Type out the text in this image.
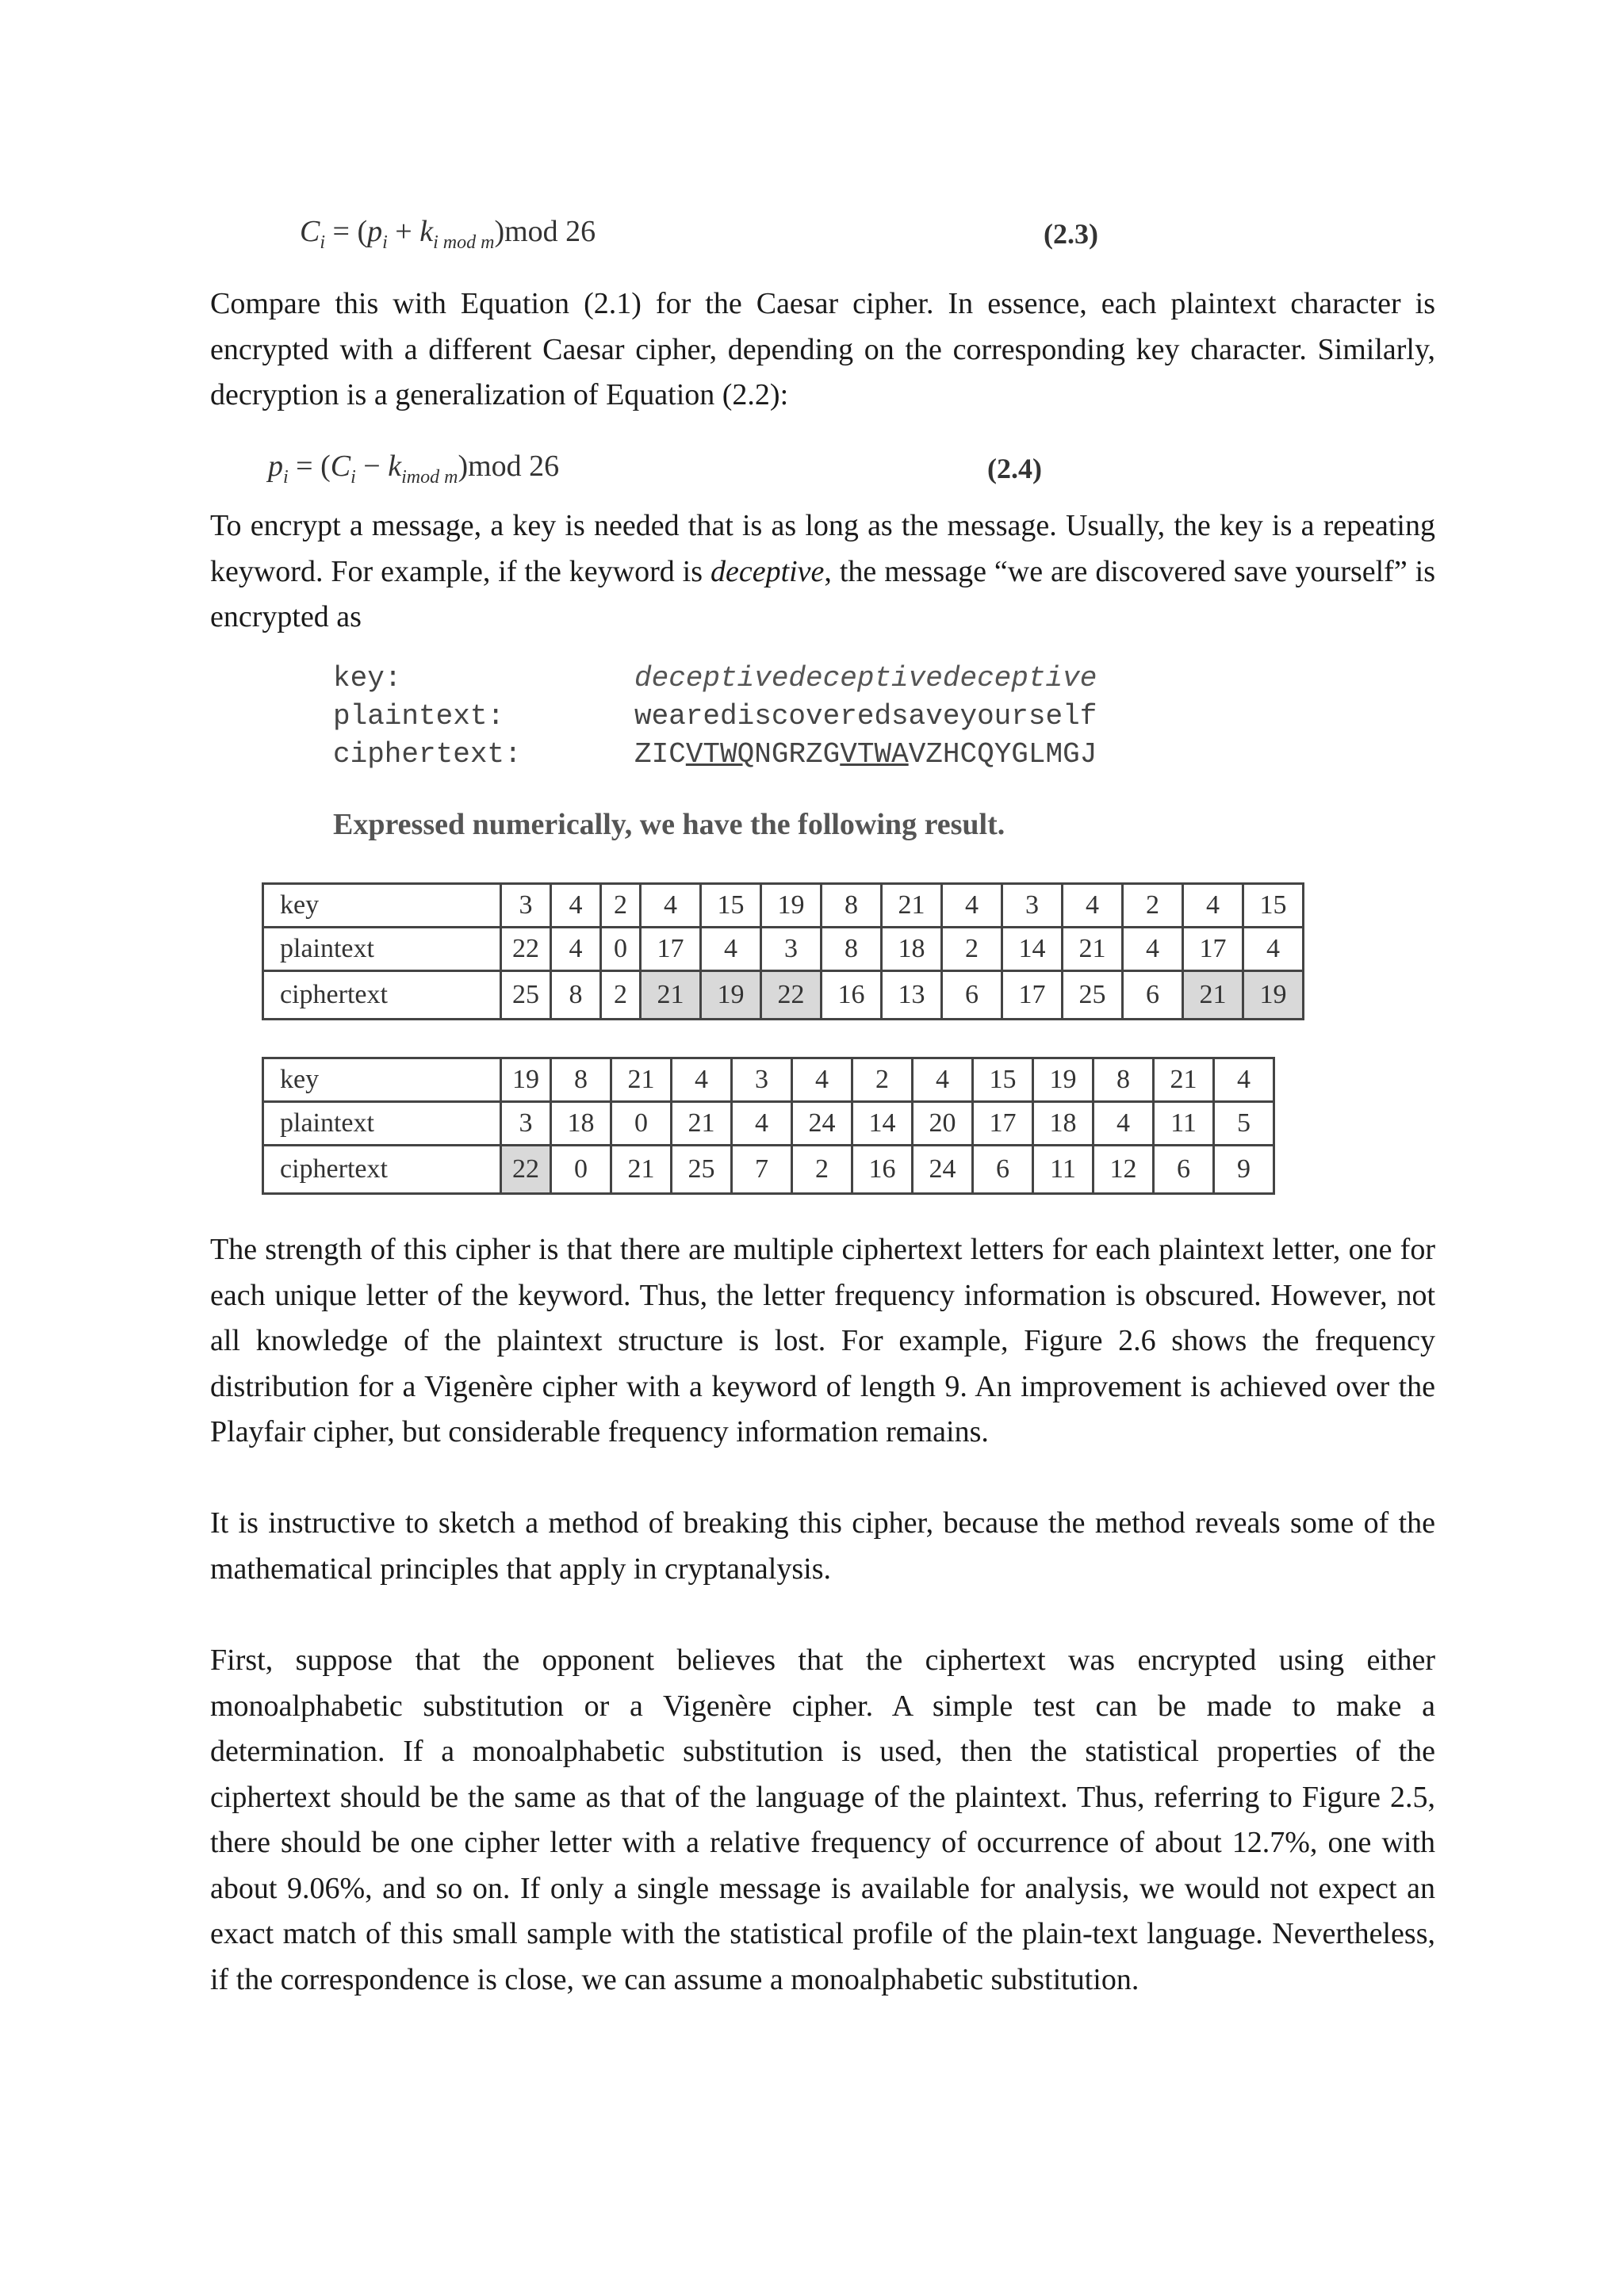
$C_i = (p_i + k_{i mod m})mod$ 26	(2.3)

Compare this with Equation (2.1) for the Caesar cipher. In essence, each plaintext character is encrypted with a different Caesar cipher, depending on the corresponding key character. Similarly, decryption is a generalization of Equation (2.2):

$p_i = (C_i - k_{imod m})mod$ 26	(2.4)

To encrypt a message, a key is needed that is as long as the message. Usually, the key is a repeating keyword. For example, if the keyword is deceptive, the message “we are discovered save yourself” is encrypted as

key:	deceptivedeceptivedeceptive
plaintext:	wearediscoveredsaveyourself
ciphertext:	ZICVTWQNGRZGVTWAVZHCQYGLMGJ
Expressed numerically, we have the following result.
key	3	4	2	4	15	19	8	21	4	3	4	2	4	15
plaintext	22	4	0	17	4	3	8	18	2	14	21	4	17	4
ciphertext	25	8	2	21	19	22	16	13	6	17	25	6	21	19
key	19	8	21	4	3	4	2	4	15	19	8	21	4
plaintext	3	18	0	21	4	24	14	20	17	18	4	11	5
ciphertext	22	0	21	25	7	2	16	24	6	11	12	6	9

The strength of this cipher is that there are multiple ciphertext letters for each plaintext letter, one for each unique letter of the keyword. Thus, the letter frequency information is obscured. However, not all knowledge of the plaintext structure is lost. For example, Figure 2.6 shows the frequency distribution for a Vigenère cipher with a keyword of length 9. An improvement is achieved over the Playfair cipher, but considerable frequency information remains.

It is instructive to sketch a method of breaking this cipher, because the method reveals some of the mathematical principles that apply in cryptanalysis.

First, suppose that the opponent believes that the ciphertext was encrypted using either monoalphabetic substitution or a Vigenère cipher. A simple test can be made to make a determination. If a monoalphabetic substitution is used, then the statistical properties of the ciphertext should be the same as that of the language of the plaintext. Thus, referring to Figure 2.5, there should be one cipher letter with a relative frequency of occurrence of about 12.7%, one with about 9.06%, and so on. If only a single message is available for analysis, we would not expect an exact match of this small sample with the statistical profile of the plain-text language. Nevertheless, if the correspondence is close, we can assume a monoalphabetic substitution.
